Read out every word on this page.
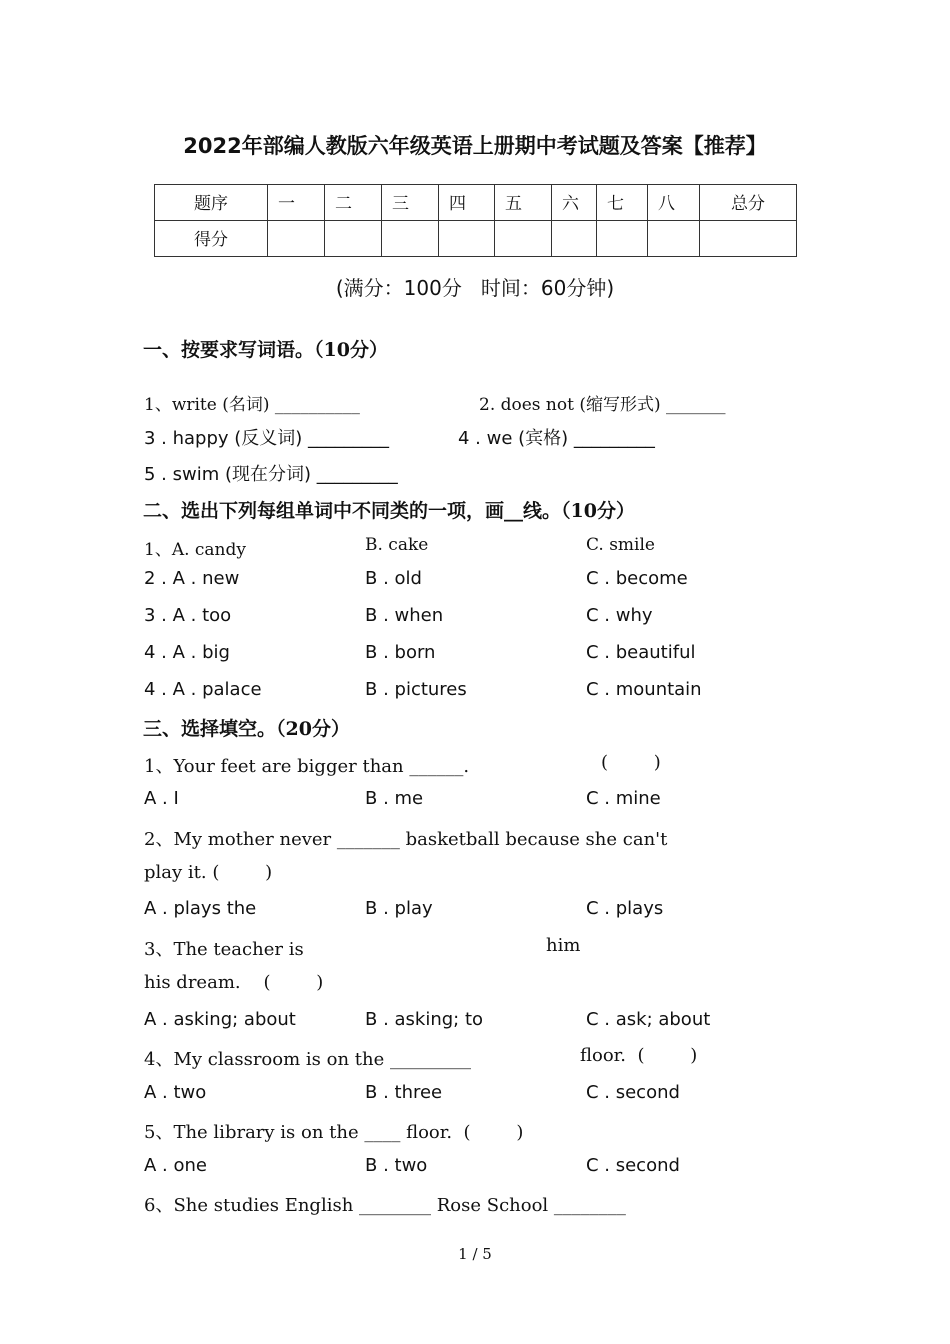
2022年部编人教版六年级英语上册期中考试题及答案【推荐】
题序	一	二	三	四	五	六	七	八	总分
得分									
(满分：100分   时间：60分钟)
一、按要求写词语。（10分）
1、write (名词) __________	2. does not (缩写形式) _______
3 . happy (反义词) _________	4 . we (宾格) _________
5 . swim (现在分词) _________
二、选出下列每组单词中不同类的一项，画__线。（10分）
1、A. candy	B. cake	C. smile
2 . A . new	B . old	C . become
3 . A . too	B . when	C . why
4 . A . big	B . born	C . beautiful
4 . A . palace	B . pictures	C . mountain
三、选择填空。（20分）
1、Your feet are bigger than ______.	(        )
A . I	B . me	C . mine
2、My mother never _______ basketball because she can't
play it. (        )
A . plays the	B . play	C . plays
3、The teacher is	him
his dream.    (        )
A . asking; about	B . asking; to	C . ask; about
4、My classroom is on the _________	floor.  (        )
A . two	B . three	C . second
5、The library is on the ____ floor.  (        )
A . one	B . two	C . second
6、She studies English ________ Rose School ________
1 / 5
